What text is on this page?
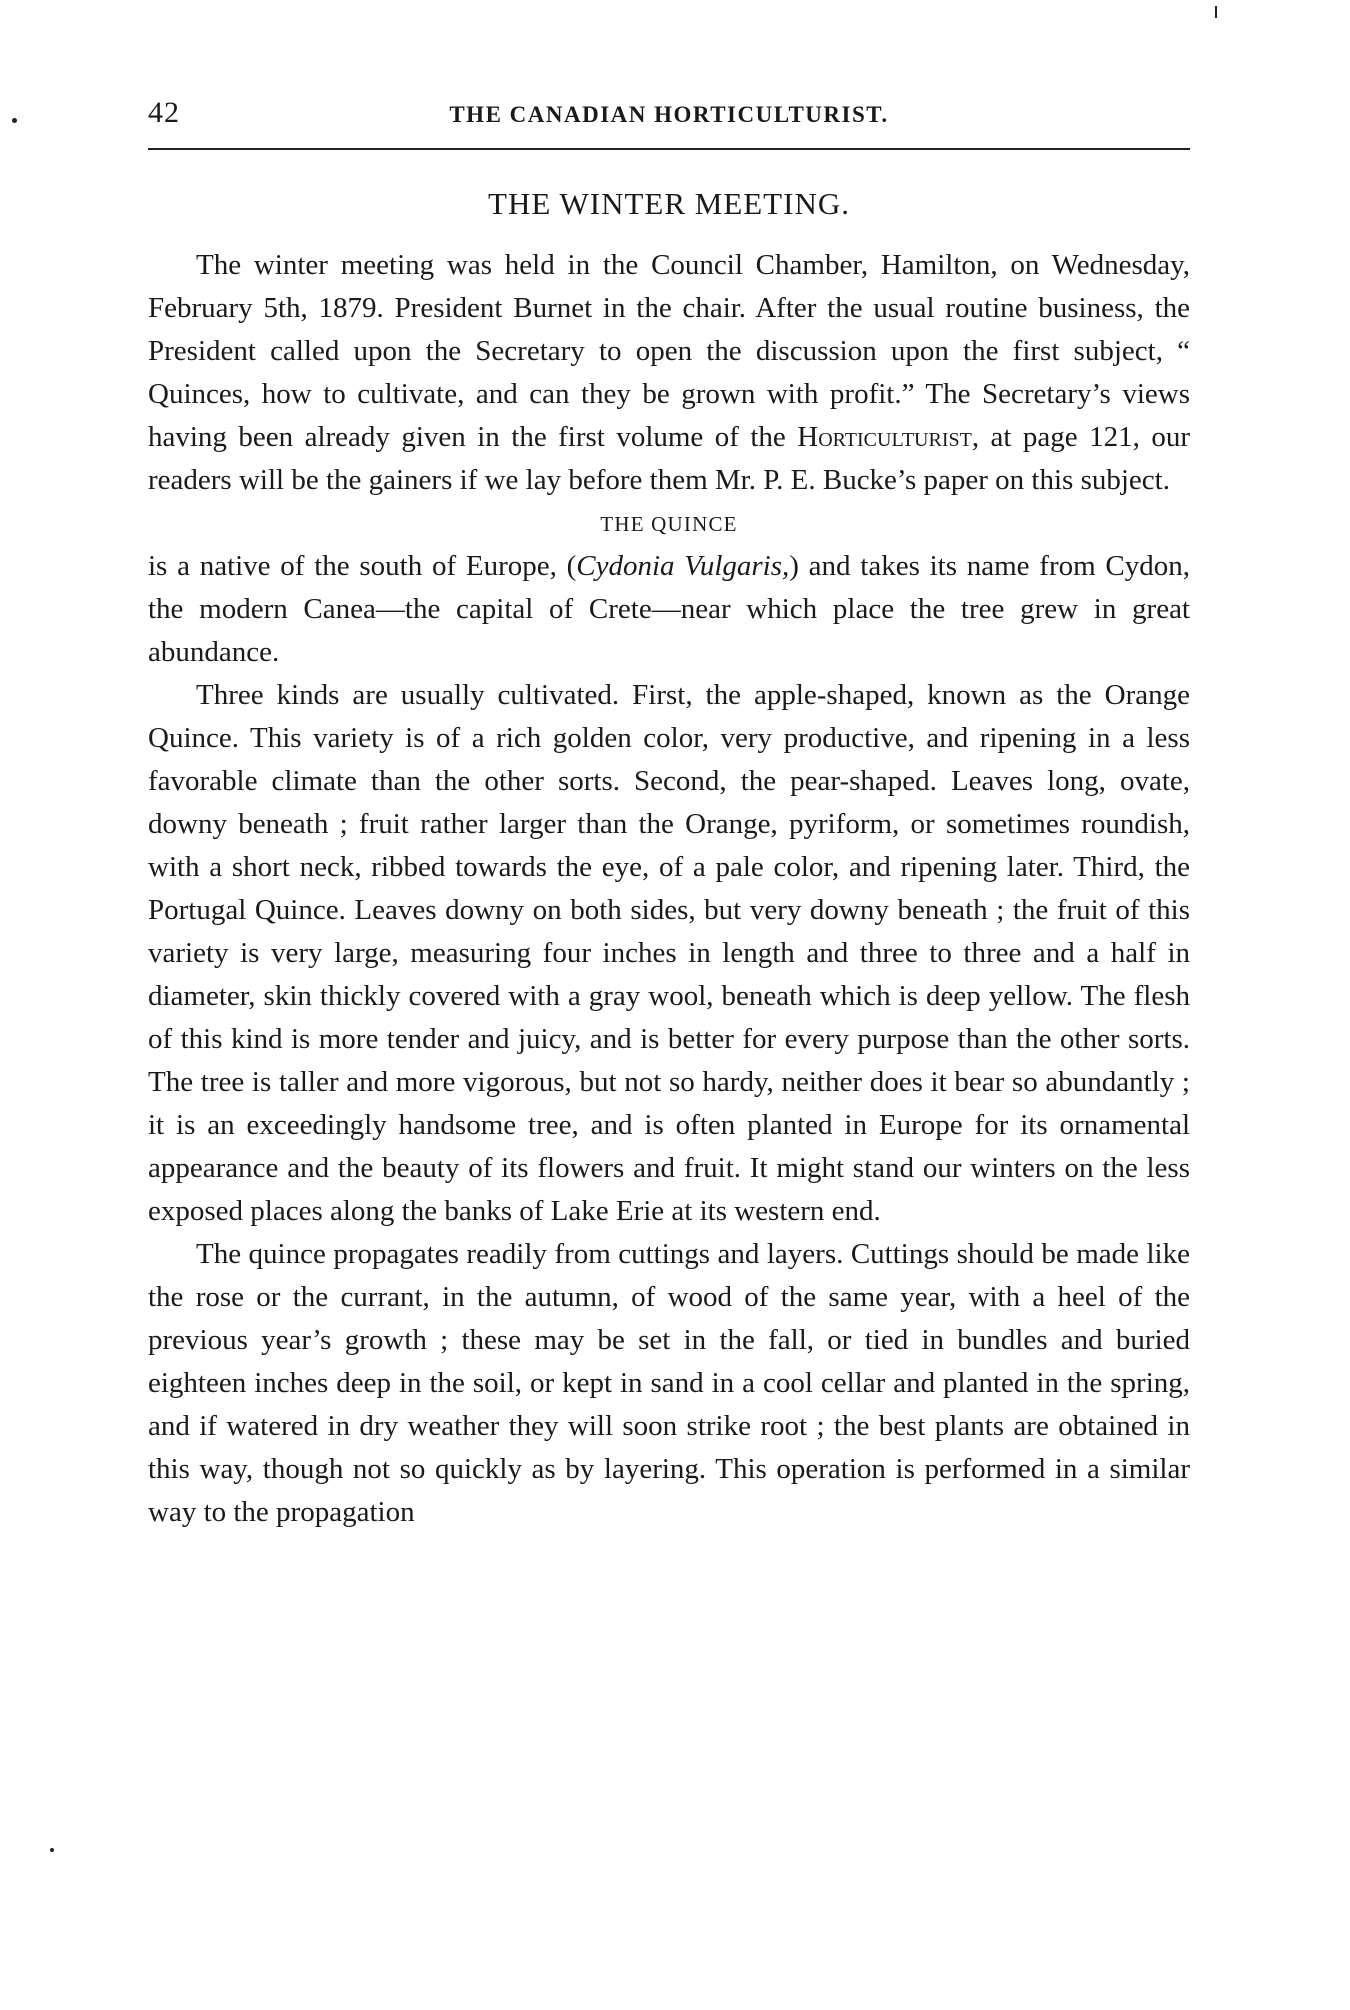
42	THE CANADIAN HORTICULTURIST.
THE WINTER MEETING.

The winter meeting was held in the Council Chamber, Hamilton, on Wednesday, February 5th, 1879. President Burnet in the chair. After the usual routine business, the President called upon the Secretary to open the discussion upon the first subject, “ Quinces, how to cultivate, and can they be grown with profit.” The Secretary’s views having been already given in the first volume of the Horticulturist, at page 121, our readers will be the gainers if we lay before them Mr. P. E. Bucke’s paper on this subject.

THE QUINCE

is a native of the south of Europe, (Cydonia Vulgaris,) and takes its name from Cydon, the modern Canea—the capital of Crete—near which place the tree grew in great abundance.

Three kinds are usually cultivated. First, the apple-shaped, known as the Orange Quince. This variety is of a rich golden color, very productive, and ripening in a less favorable climate than the other sorts. Second, the pear-shaped. Leaves long, ovate, downy beneath ; fruit rather larger than the Orange, pyriform, or sometimes roundish, with a short neck, ribbed towards the eye, of a pale color, and ripening later. Third, the Portugal Quince. Leaves downy on both sides, but very downy beneath ; the fruit of this variety is very large, measuring four inches in length and three to three and a half in diameter, skin thickly covered with a gray wool, beneath which is deep yellow. The flesh of this kind is more tender and juicy, and is better for every purpose than the other sorts. The tree is taller and more vigorous, but not so hardy, neither does it bear so abundantly ; it is an exceedingly handsome tree, and is often planted in Europe for its ornamental appearance and the beauty of its flowers and fruit. It might stand our winters on the less exposed places along the banks of Lake Erie at its western end.

The quince propagates readily from cuttings and layers. Cuttings should be made like the rose or the currant, in the autumn, of wood of the same year, with a heel of the previous year’s growth ; these may be set in the fall, or tied in bundles and buried eighteen inches deep in the soil, or kept in sand in a cool cellar and planted in the spring, and if watered in dry weather they will soon strike root ; the best plants are obtained in this way, though not so quickly as by layering. This operation is performed in a similar way to the propagation
